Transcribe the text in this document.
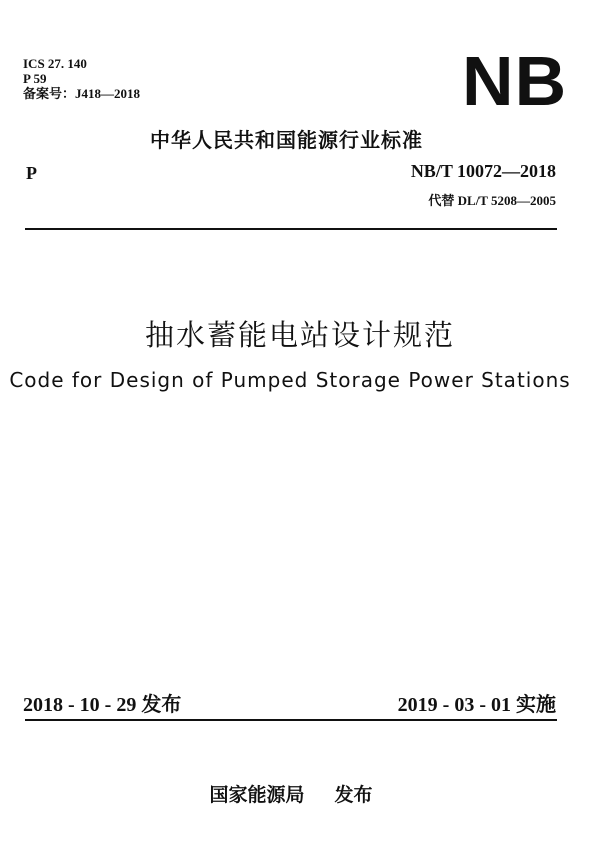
ICS 27. 140
P 59
备案号：J418—2018	NB
中华人民共和国能源行业标准
P	NB/T 10072—2018
代替 DL/T 5208—2005
抽水蓄能电站设计规范
Code for Design of Pumped Storage Power Stations
2018 - 10 - 29 发布	2019 - 03 - 01 实施
国家能源局 发布
